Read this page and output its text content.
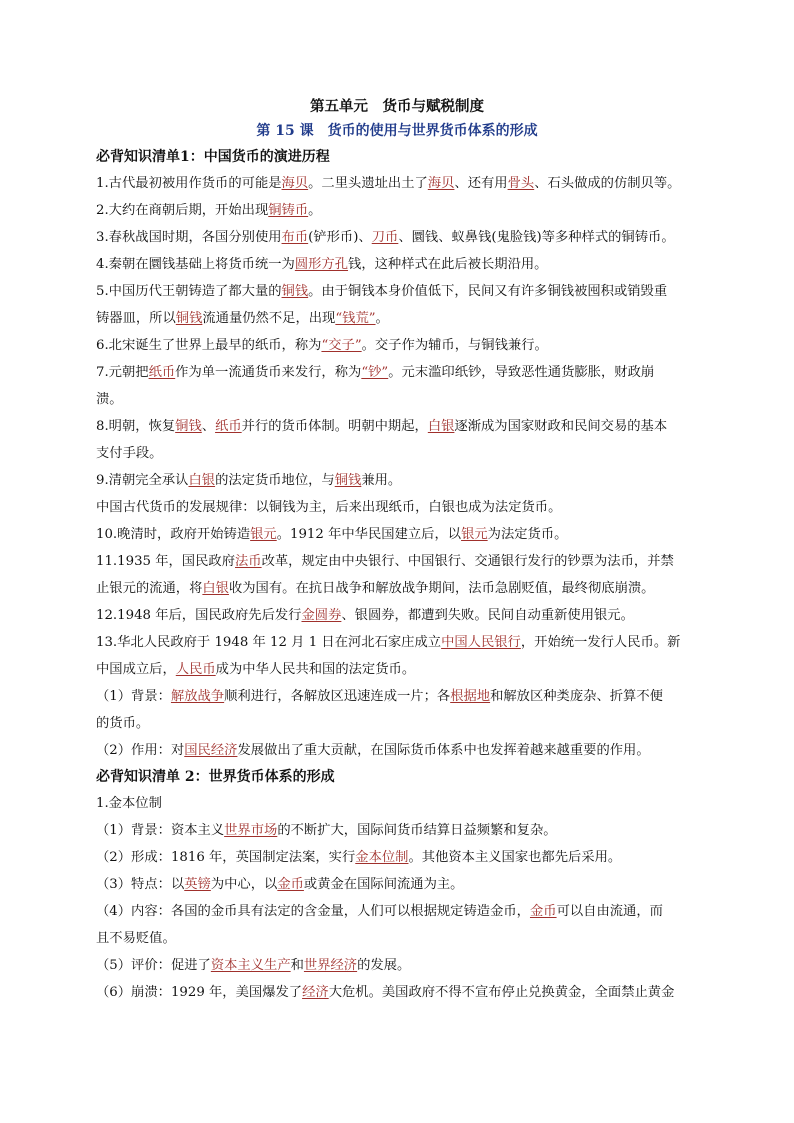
第五单元　货币与赋税制度
第 15 课　货币的使用与世界货币体系的形成
必背知识清单1：中国货币的演进历程
1.古代最初被用作货币的可能是海贝。二里头遗址出土了海贝、还有用骨头、石头做成的仿制贝等。
2.大约在商朝后期，开始出现铜铸币。
3.春秋战国时期，各国分别使用布币(铲形币)、刀币、圜钱、蚁鼻钱(鬼脸钱)等多种样式的铜铸币。
4.秦朝在圜钱基础上将货币统一为圆形方孔钱，这种样式在此后被长期沿用。
5.中国历代王朝铸造了都大量的铜钱。由于铜钱本身价值低下，民间又有许多铜钱被囤积或销毁重
铸器皿，所以铜钱流通量仍然不足，出现“钱荒”。
6.北宋诞生了世界上最早的纸币，称为“交子”。交子作为辅币，与铜钱兼行。
7.元朝把纸币作为单一流通货币来发行，称为“钞”。元末滥印纸钞，导致恶性通货膨胀，财政崩
溃。
8.明朝，恢复铜钱、纸币并行的货币体制。明朝中期起，白银逐渐成为国家财政和民间交易的基本
支付手段。
9.清朝完全承认白银的法定货币地位，与铜钱兼用。
中国古代货币的发展规律：以铜钱为主，后来出现纸币，白银也成为法定货币。
10.晚清时，政府开始铸造银元。1912 年中华民国建立后，以银元为法定货币。
11.1935 年，国民政府法币改革，规定由中央银行、中国银行、交通银行发行的钞票为法币，并禁
止银元的流通，将白银收为国有。在抗日战争和解放战争期间，法币急剧贬值，最终彻底崩溃。
12.1948 年后，国民政府先后发行金圆券、银圆券，都遭到失败。民间自动重新使用银元。
13.华北人民政府于 1948 年 12 月 1 日在河北石家庄成立中国人民银行，开始统一发行人民币。新
中国成立后，人民币成为中华人民共和国的法定货币。
（1）背景：解放战争顺利进行，各解放区迅速连成一片；各根据地和解放区种类庞杂、折算不便
的货币。
（2）作用：对国民经济发展做出了重大贡献，在国际货币体系中也发挥着越来越重要的作用。
必背知识清单 2：世界货币体系的形成
1.金本位制
（1）背景：资本主义世界市场的不断扩大，国际间货币结算日益频繁和复杂。
（2）形成：1816 年，英国制定法案，实行金本位制。其他资本主义国家也都先后采用。
（3）特点：以英镑为中心，以金币或黄金在国际间流通为主。
（4）内容：各国的金币具有法定的含金量，人们可以根据规定铸造金币，金币可以自由流通，而
且不易贬值。
（5）评价：促进了资本主义生产和世界经济的发展。
（6）崩溃：1929 年，美国爆发了经济大危机。美国政府不得不宣布停止兑换黄金，全面禁止黄金
